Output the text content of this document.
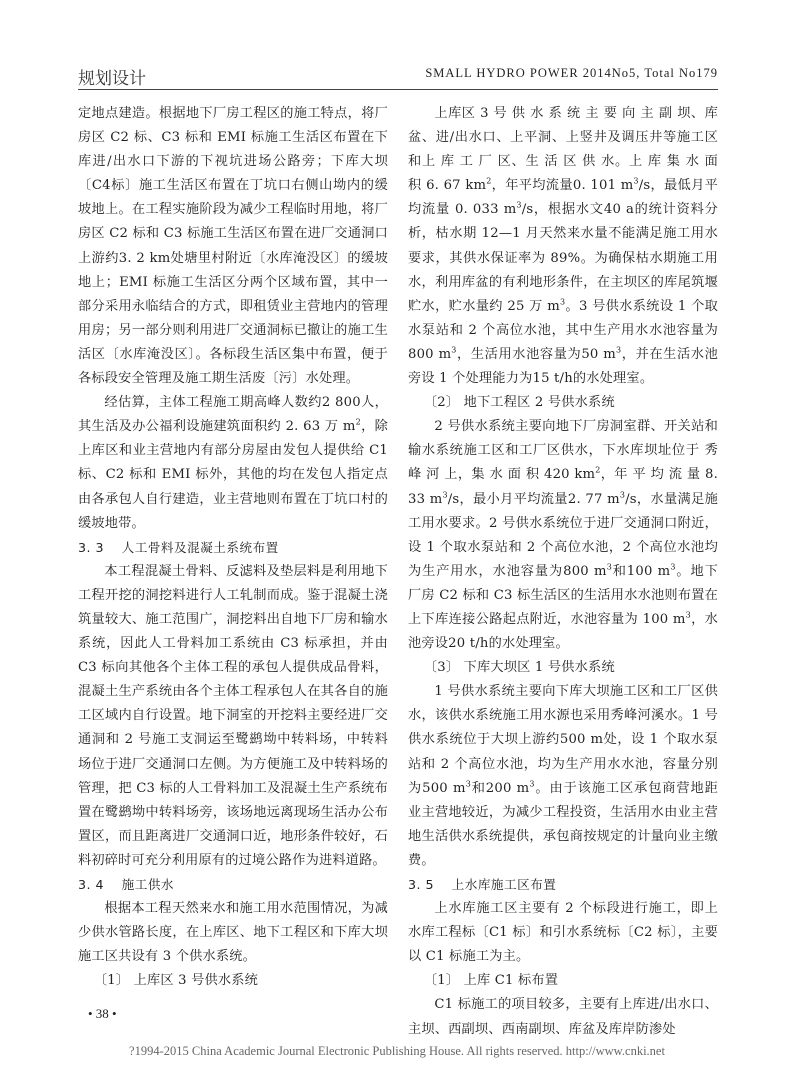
规划设计	SMALL HYDRO POWER 2014No5, Total No179

定地点建造。根据地下厂房工程区的施工特点，将厂房区 C2 标、C3 标和 EMI 标施工生活区布置在下库进/出水口下游的下视坑进场公路旁；下库大坝〔C4标〕施工生活区布置在丁坑口右侧山坳内的缓坡地上。在工程实施阶段为减少工程临时用地，将厂房区 C2 标和 C3 标施工生活区布置在进厂交通洞口上游约3. 2 km处塘里村附近〔水库淹没区〕的缓坡地上；EMI 标施工生活区分两个区域布置，其中一部分采用永临结合的方式，即租赁业主营地内的管理用房；另一部分则利用进厂交通洞标已撤让的施工生活区〔水库淹没区〕。各标段生活区集中布置，便于各标段安全管理及施工期生活废〔污〕水处理。

经估算，主体工程施工期高峰人数约2 800人，其生活及办公福利设施建筑面积约 2. 63 万 $m^2$，除上库区和业主营地内有部分房屋由发包人提供给 C1 标、C2 标和 EMI 标外，其他的均在发包人指定点由各承包人自行建造，业主营地则布置在丁坑口村的缓坡地带。

3. 3　 人工骨料及混凝土系统布置

本工程混凝土骨料、反滤料及垫层料是利用地下工程开挖的洞挖料进行人工轧制而成。鉴于混凝土浇筑量较大、施工范围广，洞挖料出自地下厂房和输水系统，因此人工骨料加工系统由 C3 标承担，并由 C3 标向其他各个主体工程的承包人提供成品骨料，混凝土生产系统由各个主体工程承包人在其各自的施工区域内自行设置。地下洞室的开挖料主要经进厂交通洞和 2 号施工支洞运至鹭鹚坳中转料场，中转料场位于进厂交通洞口左侧。为方便施工及中转料场的管理，把 C3 标的人工骨料加工及混凝土生产系统布置在鹭鹚坳中转料场旁，该场地远离现场生活办公布置区，而且距离进厂交通洞口近，地形条件较好，石料初碎时可充分利用原有的过境公路作为进料道路。

3. 4　 施工供水

根据本工程天然来水和施工用水范围情况，为减少供水管路长度，在上库区、地下工程区和下库大坝施工区共设有 3 个供水系统。

〔1〕 上库区 3 号供水系统

上库区 3 号 供 水 系 统 主 要 向 主 副 坝、库 盆、进/出水口、上平洞、上竖井及调压井等施工区和上 库 工 厂 区、生 活 区 供 水。上 库 集 水 面 积 6. 67 $km^2$，年平均流量0. 101 $m^3/s$，最低月平均流量 0. 033 $m^3/s$，根据水文40 a的统计资料分析，枯水期 12—1 月天然来水量不能满足施工用水要求，其供水保证率为 89%。为确保枯水期施工用水，利用库盆的有利地形条件，在主坝区的库尾筑堰贮水，贮水量约 25 万 $m^3$。3 号供水系统设 1 个取水泵站和 2 个高位水池，其中生产用水水池容量为 800 $m^3$，生活用水池容量为50 $m^3$，并在生活水池旁设 1 个处理能力为15 t/h的水处理室。

〔2〕 地下工程区 2 号供水系统

2 号供水系统主要向地下厂房洞室群、开关站和输水系统施工区和工厂区供水，下水库坝址位于 秀 峰 河 上，集 水 面 积 420 $km^2$，年 平 均 流 量 8. 33 $m^3/s$，最小月平均流量2. 77 $m^3/s$，水量满足施工用水要求。2 号供水系统位于进厂交通洞口附近，设 1 个取水泵站和 2 个高位水池，2 个高位水池均为生产用水，水池容量为800 $m^3$和100 $m^3$。地下厂房 C2 标和 C3 标生活区的生活用水水池则布置在上下库连接公路起点附近，水池容量为 100 $m^3$，水池旁设20 t/h的水处理室。

〔3〕 下库大坝区 1 号供水系统

1 号供水系统主要向下库大坝施工区和工厂区供水，该供水系统施工用水源也采用秀峰河溪水。1 号供水系统位于大坝上游约500 m处，设 1 个取水泵站和 2 个高位水池，均为生产用水水池，容量分别为500 $m^3$和200 $m^3$。由于该施工区承包商营地距业主营地较近，为减少工程投资，生活用水由业主营地生活供水系统提供，承包商按规定的计量向业主缴费。

3. 5　 上水库施工区布置

上水库施工区主要有 2 个标段进行施工，即上水库工程标〔C1 标〕和引水系统标〔C2 标〕，主要以 C1 标施工为主。

〔1〕 上库 C1 标布置

C1 标施工的项目较多，主要有上库进/出水口、主坝、西副坝、西南副坝、库盆及库岸防渗处

• 38 •
?1994-2015 China Academic Journal Electronic Publishing House. All rights reserved. http://www.cnki.net
